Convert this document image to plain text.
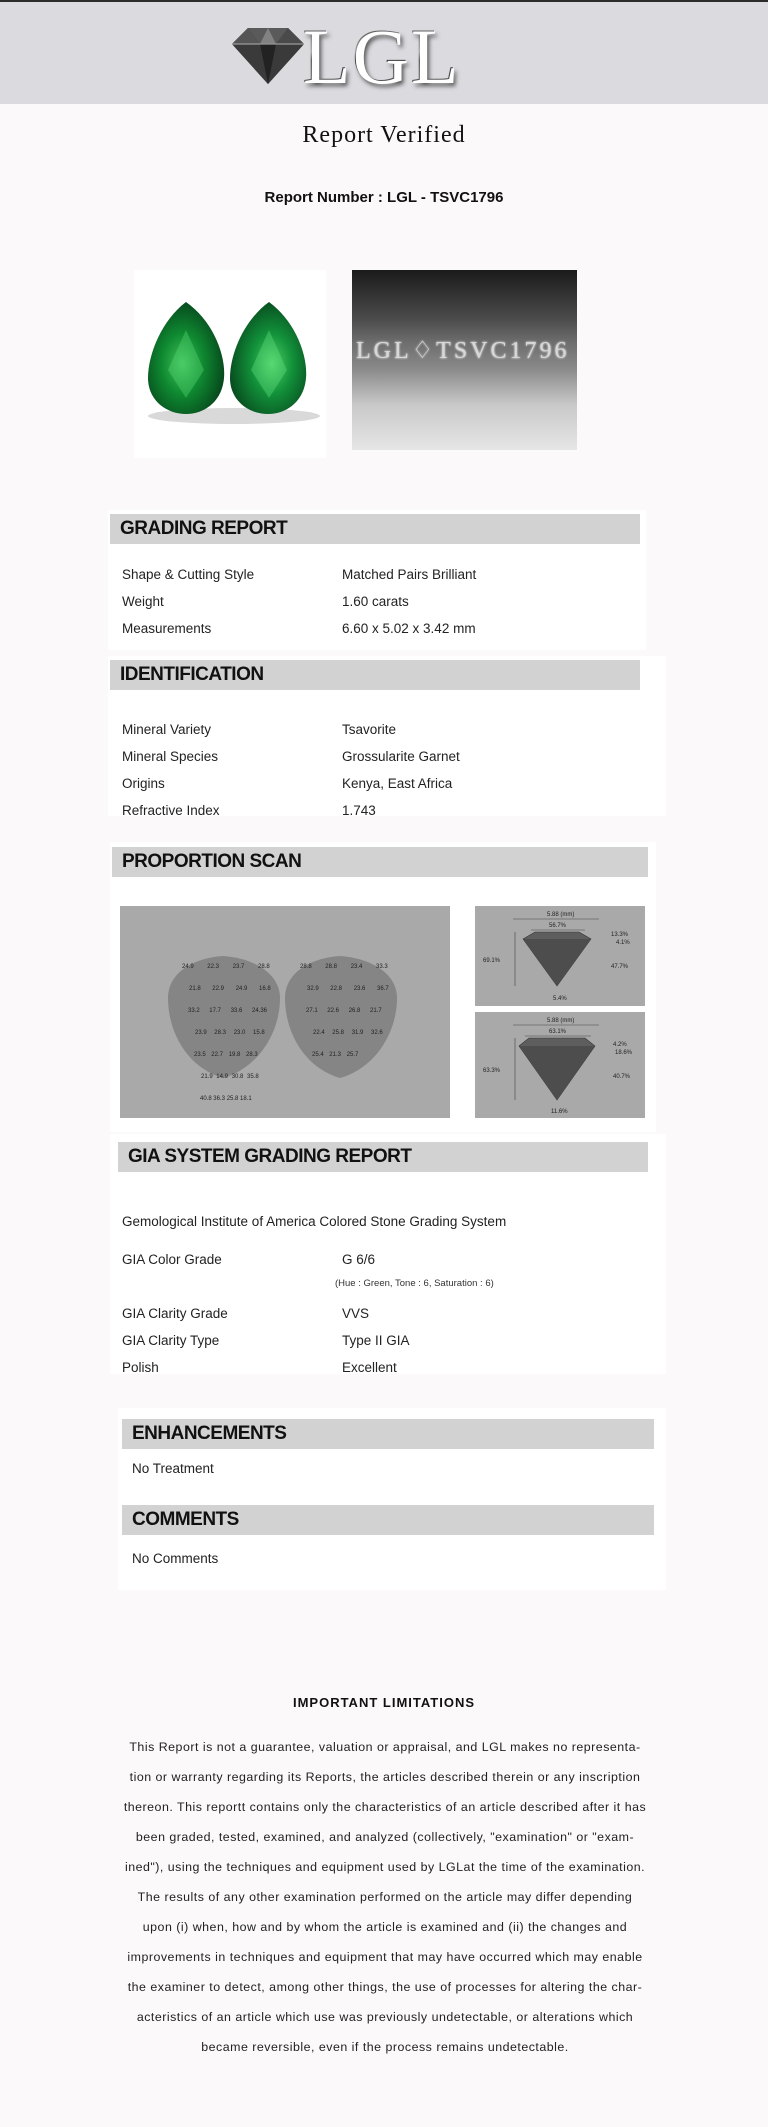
LGL
Report Verified
Report Number : LGL - TSVC1796
LGL♢TSVC1796
GRADING REPORT
Shape & Cutting Style	Matched Pairs Brilliant
Weight	1.60 carats
Measurements	6.60 x 5.02 x 3.42 mm
IDENTIFICATION
Mineral Variety	Tsavorite
Mineral Species	Grossularite Garnet
Origins	Kenya, East Africa
Refractive Index	1.743
PROPORTION SCAN
24.9 22.3 23.7 28.8
21.8 22.9 24.9 16.8
33.2 17.7 33.6 24.36
23.9 28.3 23.0 15.8
23.5 22.7 19.8 28.3
21.9 14.9 30.8 35.8
40.8 36.3 25.8 18.1
28.8 28.8 23.4 33.3
32.9 22.8 23.6 36.7
27.1 22.6 26.8 21.7
22.4 25.8 31.9 32.6
25.4 21.3 25.7
5.88 (mm)
56.7%
69.1%
13.3%
4.1%
47.7%
5.4%
5.88 (mm)
63.1%
63.3%
4.2%
18.6%
40.7%
11.6%
GIA SYSTEM GRADING REPORT
Gemological Institute of America Colored Stone Grading System
GIA Color Grade	G 6/6
(Hue : Green, Tone : 6, Saturation : 6)
GIA Clarity Grade	VVS
GIA Clarity Type	Type II GIA
Polish	Excellent
ENHANCEMENTS
No Treatment
COMMENTS
No Comments
IMPORTANT LIMITATIONS
This Report is not a guarantee, valuation or appraisal, and LGL makes no representa-
tion or warranty regarding its Reports, the articles described therein or any inscription
thereon. This reportt contains only the characteristics of an article described after it has
been graded, tested, examined, and analyzed (collectively, "examination" or "exam-
ined"), using the techniques and equipment used by LGLat the time of the examination.
The results of any other examination performed on the article may differ depending
upon (i) when, how and by whom the article is examined and (ii) the changes and
improvements in techniques and equipment that may have occurred which may enable
the examiner to detect, among other things, the use of processes for altering the char-
acteristics of an article which use was previously undetectable, or alterations which
became reversible, even if the process remains undetectable.
